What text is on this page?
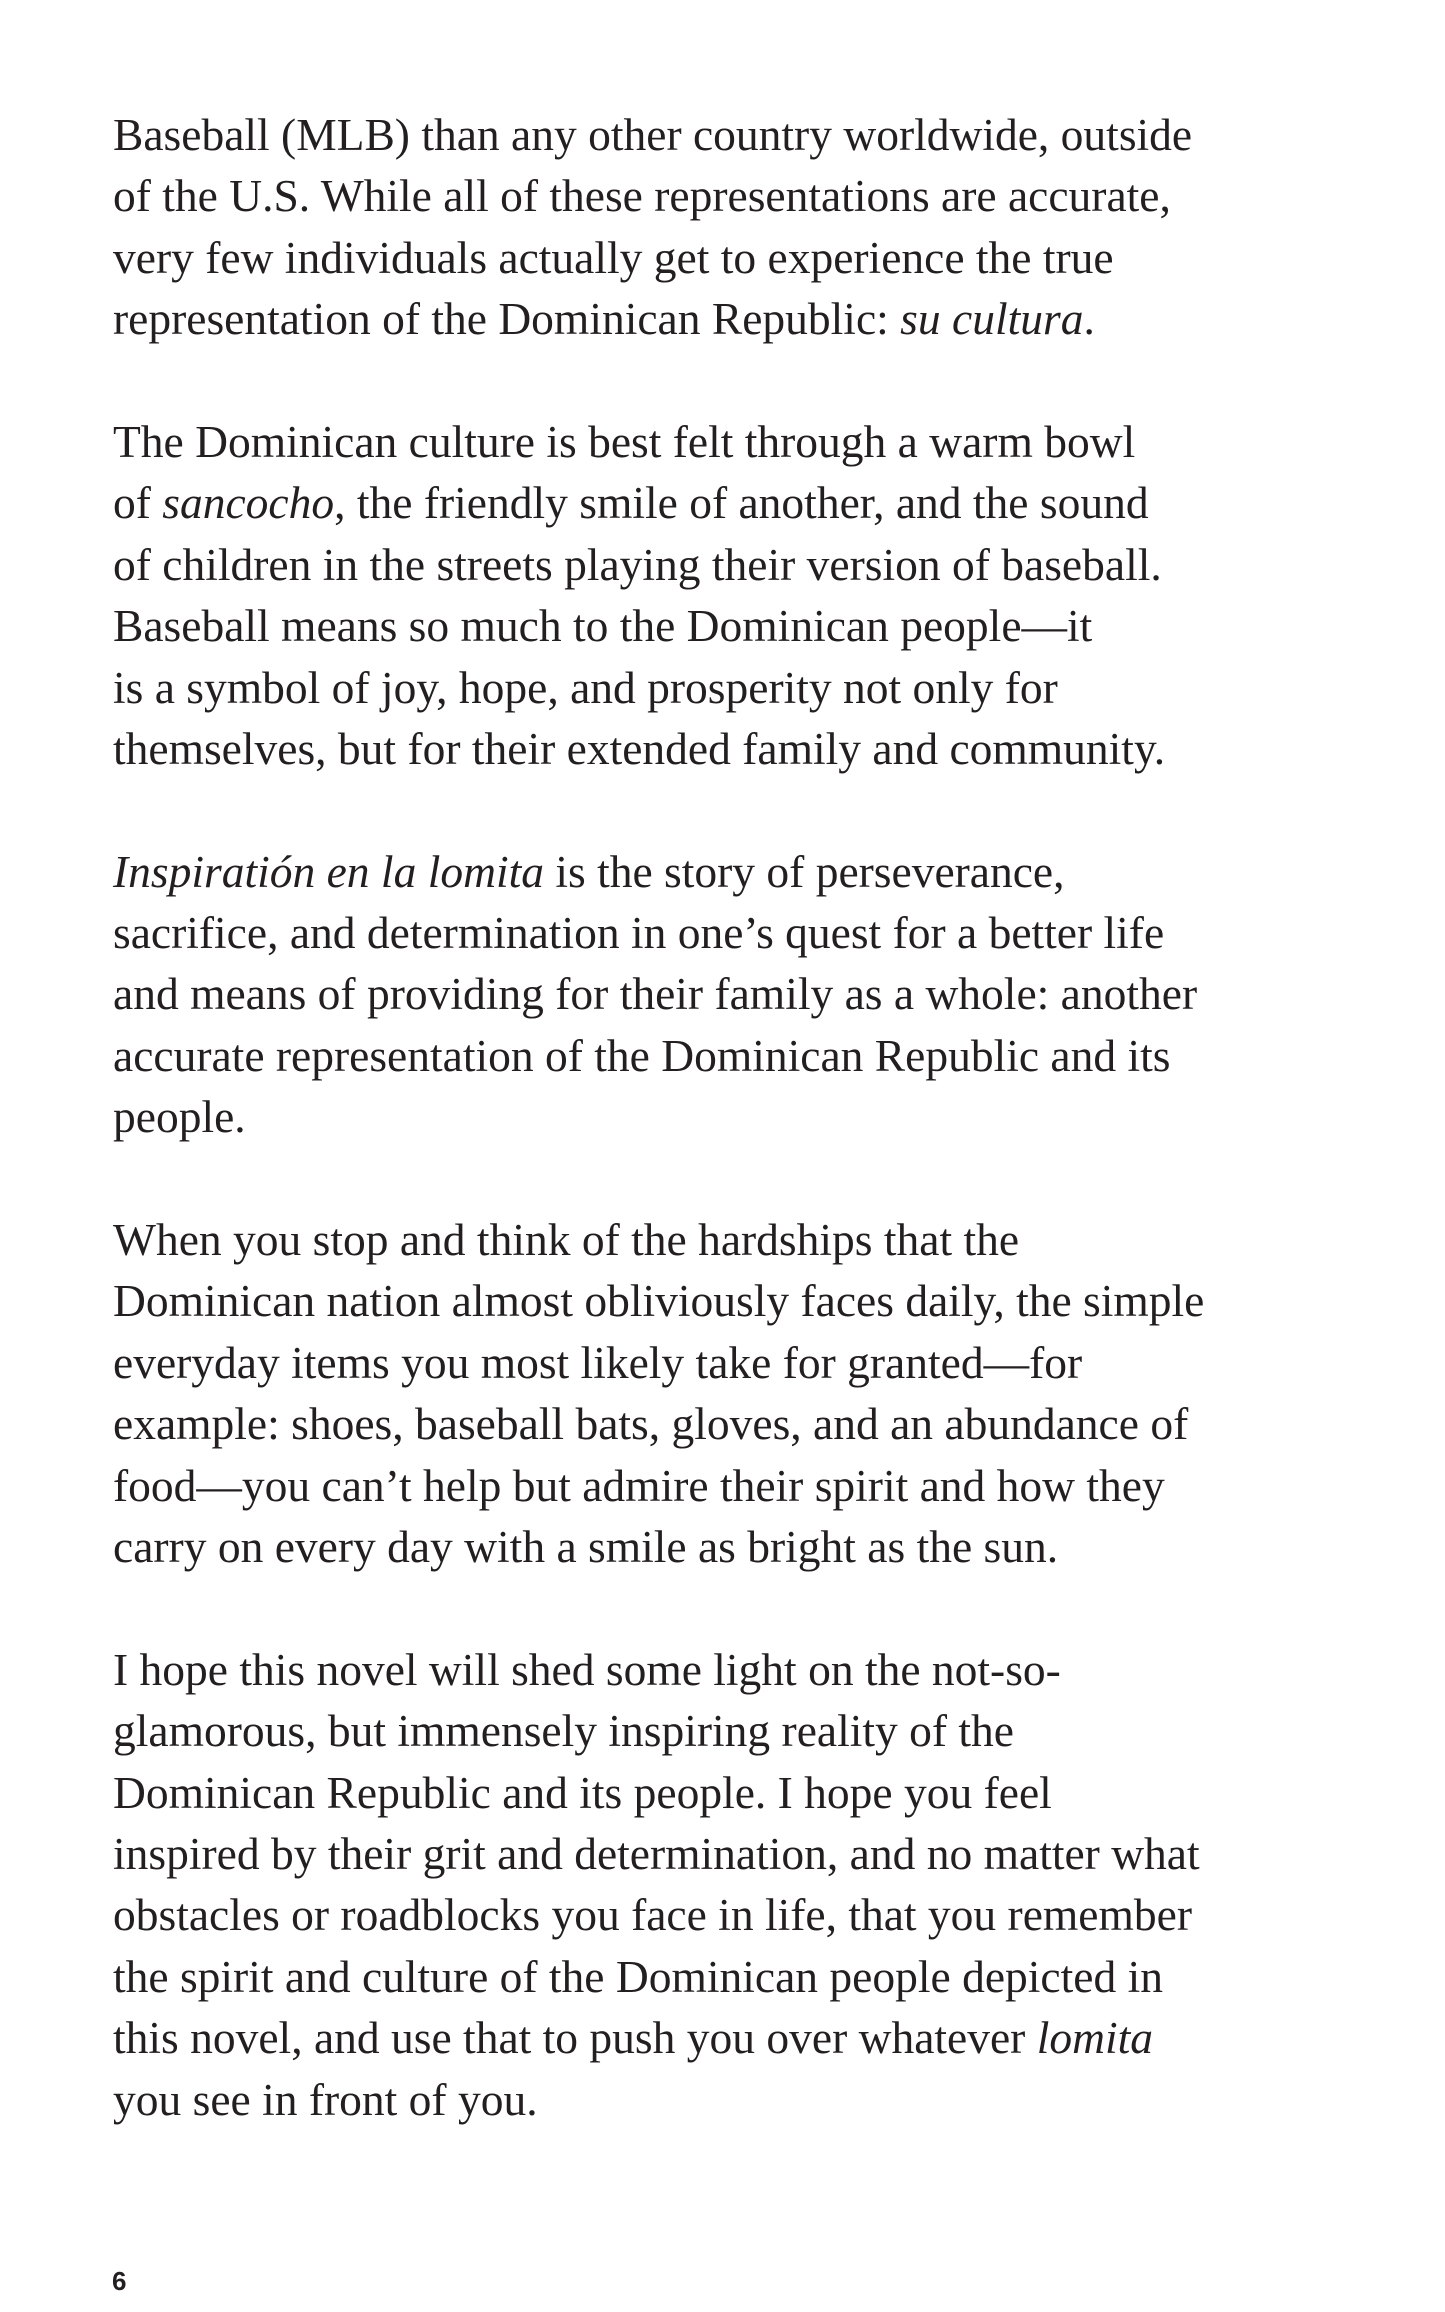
Baseball (MLB) than any other country worldwide, outside
of the U.S. While all of these representations are accurate,
very few individuals actually get to experience the true
representation of the Dominican Republic: su cultura.

The Dominican culture is best felt through a warm bowl
of sancocho, the friendly smile of another, and the sound
of children in the streets playing their version of baseball.
Baseball means so much to the Dominican people—it
is a symbol of joy, hope, and prosperity not only for
themselves, but for their extended family and community.

Inspiratión en la lomita is the story of perseverance,
sacrifice, and determination in one’s quest for a better life
and means of providing for their family as a whole: another
accurate representation of the Dominican Republic and its
people.

When you stop and think of the hardships that the
Dominican nation almost obliviously faces daily, the simple
everyday items you most likely take for granted—for
example: shoes, baseball bats, gloves, and an abundance of
food—you can’t help but admire their spirit and how they
carry on every day with a smile as bright as the sun.

I hope this novel will shed some light on the not-so-
glamorous, but immensely inspiring reality of the
Dominican Republic and its people. I hope you feel
inspired by their grit and determination, and no matter what
obstacles or roadblocks you face in life, that you remember
the spirit and culture of the Dominican people depicted in
this novel, and use that to push you over whatever lomita
you see in front of you.

6
